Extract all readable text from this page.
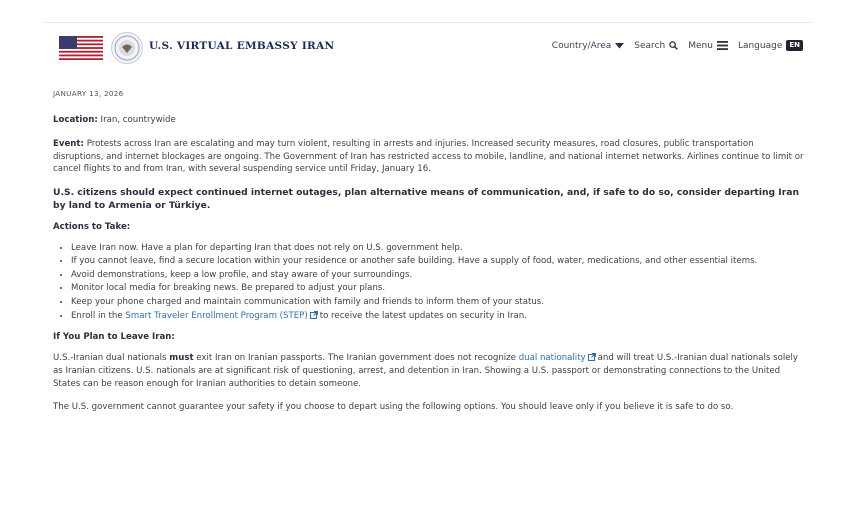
U.S. VIRTUAL EMBASSY IRAN	Country/Area	Search	Menu	Language	EN
JANUARY 13, 2026

Location: Iran, countrywide

Event: Protests across Iran are escalating and may turn violent, resulting in arrests and injuries. Increased security measures, road closures, public transportation disruptions, and internet blockages are ongoing. The Government of Iran has restricted access to mobile, landline, and national internet networks. Airlines continue to limit or cancel flights to and from Iran, with several suspending service until Friday, January 16.

U.S. citizens should expect continued internet outages, plan alternative means of communication, and, if safe to do so, consider departing Iran by land to Armenia or Türkiye.

Actions to Take:

• Leave Iran now. Have a plan for departing Iran that does not rely on U.S. government help.
• If you cannot leave, find a secure location within your residence or another safe building. Have a supply of food, water, medications, and other essential items.
• Avoid demonstrations, keep a low profile, and stay aware of your surroundings.
• Monitor local media for breaking news. Be prepared to adjust your plans.
• Keep your phone charged and maintain communication with family and friends to inform them of your status.
• Enroll in the Smart Traveler Enrollment Program (STEP) to receive the latest updates on security in Iran.

If You Plan to Leave Iran:

U.S.-Iranian dual nationals must exit Iran on Iranian passports. The Iranian government does not recognize dual nationality and will treat U.S.-Iranian dual nationals solely as Iranian citizens. U.S. nationals are at significant risk of questioning, arrest, and detention in Iran. Showing a U.S. passport or demonstrating connections to the United States can be reason enough for Iranian authorities to detain someone.

The U.S. government cannot guarantee your safety if you choose to depart using the following options. You should leave only if you believe it is safe to do so.
